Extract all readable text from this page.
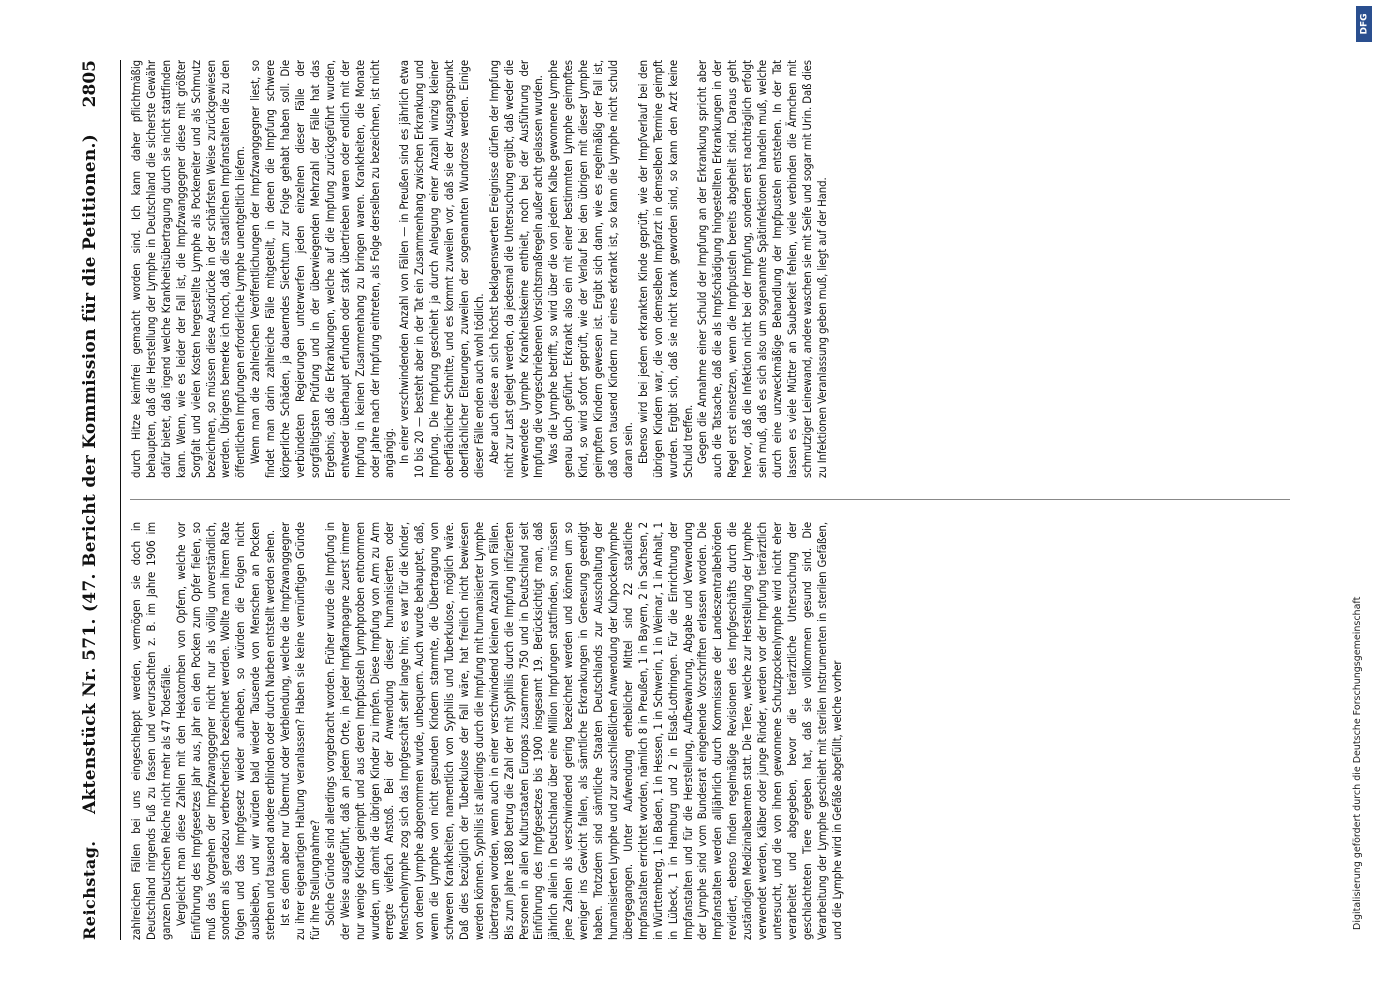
Reichstag.
Aktenstück Nr. 571. (47. Bericht der Kommission für die Petitionen.)
2805

zahlreichen Fällen bei uns eingeschleppt werden, vermögen sie doch in Deutschland nirgends Fuß zu fassen und verursachten z. B. im Jahre 1906 im ganzen Deutschen Reiche nicht mehr als 47 Todesfälle. Vergleicht man diese Zahlen mit den Hekatomben von Opfern, welche vor Einführung des Impfgesetzes Jahr aus, Jahr ein den Pocken zum Opfer fielen, so muß das Vorgehen der Impfzwanggegner nicht nur als völlig unverständlich, sondern als geradezu verbrecherisch bezeichnet werden. Wollte man ihrem Rate folgen und das Impfgesetz wieder aufheben, so würden die Folgen nicht ausbleiben, und wir würden bald wieder Tausende von Menschen an Pocken sterben und tausend andere erblinden oder durch Narben entstellt werden sehen. Ist es denn aber nur Übermut oder Verblendung, welche die Impfzwanggegner zu ihrer eigenartigen Haltung veranlassen? Haben sie keine vernünftigen Gründe für ihre Stellungnahme? Solche Gründe sind allerdings vorgebracht worden. Früher wurde die Impfung in der Weise ausgeführt, daß an jedem Orte, in jeder Impfkampagne zuerst immer nur wenige Kinder geimpft und aus deren Impfpusteln Lymphproben entnommen wurden, um damit die übrigen Kinder zu impfen. Diese Impfung von Arm zu Arm erregte vielfach Anstoß. Bei der Anwendung dieser humanisierten oder Menschenlymphe zog sich das Impfgeschäft sehr lange hin; es war für die Kinder, von denen Lymphe abgenommen wurde, unbequem. Auch wurde behauptet, daß, wenn die Lymphe von nicht gesunden Kindern stammte, die Übertragung von schweren Krankheiten, namentlich von Syphilis und Tuberkulose, möglich wäre. Daß dies bezüglich der Tuberkulose der Fall wäre, hat freilich nicht bewiesen werden können. Syphilis ist allerdings durch die Impfung mit humanisierter Lymphe übertragen worden, wenn auch in einer verschwindend kleinen Anzahl von Fällen. Bis zum Jahre 1880 betrug die Zahl der mit Syphilis durch die Impfung infizierten Personen in allen Kulturstaaten Europas zusammen 750 und in Deutschland seit Einführung des Impfgesetzes bis 1900 insgesamt 19. Berücksichtigt man, daß jährlich allein in Deutschland über eine Million Impfungen stattfinden, so müssen jene Zahlen als verschwindend gering bezeichnet werden und können um so weniger ins Gewicht fallen, als sämtliche Erkrankungen in Genesung geendigt haben. Trotzdem sind sämtliche Staaten Deutschlands zur Ausschaltung der humanisierten Lymphe und zur ausschließlichen Anwendung der Kuhpockenlymphe übergegangen. Unter Aufwendung erheblicher Mittel sind 22 staatliche Impfanstalten errichtet worden, nämlich 8 in Preußen, 1 in Bayern, 2 in Sachsen, 2 in Württemberg, 1 in Baden, 1 in Hessen, 1 in Schwerin, 1 in Weimar, 1 in Anhalt, 1 in Lübeck, 1 in Hamburg und 2 in Elsaß-Lothringen. Für die Einrichtung der Impfanstalten und für die Herstellung, Aufbewahrung, Abgabe und Verwendung der Lymphe sind vom Bundesrat eingehende Vorschriften erlassen worden. Die Impfanstalten werden alljährlich durch Kommissare der Landeszentralbehörden revidiert, ebenso finden regelmäßige Revisionen des Impfgeschäfts durch die zuständigen Medizinalbeamten statt. Die Tiere, welche zur Herstellung der Lymphe verwendet werden, Kälber oder junge Rinder, werden vor der Impfung tierärztlich untersucht, und die von ihnen gewonnene Schutzpockenlymphe wird nicht eher verarbeitet und abgegeben, bevor die tierärztliche Untersuchung der geschlachteten Tiere ergeben hat, daß sie vollkommen gesund sind. Die Verarbeitung der Lymphe geschieht mit sterilen Instrumenten in sterilen Gefäßen, und die Lymphe wird in Gefäße abgefüllt, welche vorher

durch Hitze keimfrei gemacht worden sind. Ich kann daher pflichtmäßig behaupten, daß die Herstellung der Lymphe in Deutschland die sicherste Gewähr dafür bietet, daß irgend welche Krankheitsübertragung durch sie nicht stattfinden kann. Wenn, wie es leider der Fall ist, die Impfzwanggegner diese mit größter Sorgfalt und vielen Kosten hergestellte Lymphe als Pockeneiter und als Schmutz bezeichnen, so müssen diese Ausdrücke in der schärfsten Weise zurückgewiesen werden. Übrigens bemerke ich noch, daß die staatlichen Impfanstalten die zu den öffentlichen Impfungen erforderliche Lymphe unentgeltlich liefern. Wenn man die zahlreichen Veröffentlichungen der Impfzwanggegner liest, so findet man darin zahlreiche Fälle mitgeteilt, in denen die Impfung schwere körperliche Schäden, ja dauerndes Siechtum zur Folge gehabt haben soll. Die verbündeten Regierungen unterwerfen jeden einzelnen dieser Fälle der sorgfältigsten Prüfung und in der überwiegenden Mehrzahl der Fälle hat das Ergebnis, daß die Erkrankungen, welche auf die Impfung zurückgeführt wurden, entweder überhaupt erfunden oder stark übertrieben waren oder endlich mit der Impfung in keinen Zusammenhang zu bringen waren. Krankheiten, die Monate oder Jahre nach der Impfung eintreten, als Folge derselben zu bezeichnen, ist nicht angängig. In einer verschwindenden Anzahl von Fällen — in Preußen sind es jährlich etwa 10 bis 20 — besteht aber in der Tat ein Zusammenhang zwischen Erkrankung und Impfung. Die Impfung geschieht ja durch Anlegung einer Anzahl winzig kleiner oberflächlicher Schnitte, und es kommt zuweilen vor, daß sie der Ausgangspunkt oberflächlicher Eiterungen, zuweilen der sogenannten Wundrose werden. Einige dieser Fälle enden auch wohl tödlich. Aber auch diese an sich höchst beklagenswerten Ereignisse dürfen der Impfung nicht zur Last gelegt werden, da jedesmal die Untersuchung ergibt, daß weder die verwendete Lymphe Krankheitskeime enthielt, noch bei der Ausführung der Impfung die vorgeschriebenen Vorsichtsmaßregeln außer acht gelassen wurden. Was die Lymphe betrifft, so wird über die von jedem Kalbe gewonnene Lymphe genau Buch geführt. Erkrankt also ein mit einer bestimmten Lymphe geimpftes Kind, so wird sofort geprüft, wie der Verlauf bei den übrigen mit dieser Lymphe geimpften Kindern gewesen ist. Ergibt sich dann, wie es regelmäßig der Fall ist, daß von tausend Kindern nur eines erkrankt ist, so kann die Lymphe nicht schuld daran sein. Ebenso wird bei jedem erkrankten Kinde geprüft, wie der Impfverlauf bei den übrigen Kindern war, die von demselben Impfarzt in demselben Termine geimpft wurden. Ergibt sich, daß sie nicht krank geworden sind, so kann den Arzt keine Schuld treffen. Gegen die Annahme einer Schuld der Impfung an der Erkrankung spricht aber auch die Tatsache, daß die als Impfschädigung hingestellten Erkrankungen in der Regel erst einsetzen, wenn die Impfpusteln bereits abgeheilt sind. Daraus geht hervor, daß die Infektion nicht bei der Impfung, sondern erst nachträglich erfolgt sein muß, daß es sich also um sogenannte Spätinfektionen handeln muß, welche durch eine unzweckmäßige Behandlung der Impfpusteln entstehen. In der Tat lassen es viele Mütter an Sauberkeit fehlen, viele verbinden die Ärmchen mit schmutziger Leinewand, andere waschen sie mit Seife und sogar mit Urin. Daß dies zu Infektionen Veranlassung geben muß, liegt auf der Hand.

DFG
Digitalisierung gefördert durch die Deutsche Forschungsgemeinschaft
